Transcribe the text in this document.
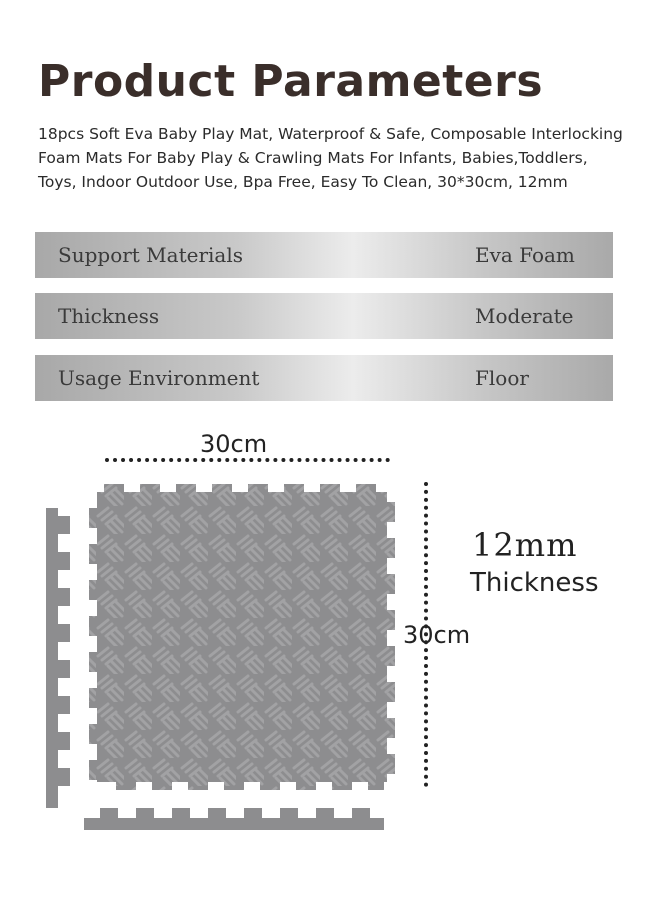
Product Parameters

18pcs Soft Eva Baby Play Mat, Waterproof & Safe, Composable Interlocking Foam Mats For Baby Play & Crawling Mats For Infants, Babies,Toddlers, Toys, Indoor Outdoor Use, Bpa Free, Easy To Clean, 30*30cm, 12mm

Support Materials	Eva Foam
Thickness	Moderate
Usage Environment	Floor
30cm
30cm
12mm
Thickness
